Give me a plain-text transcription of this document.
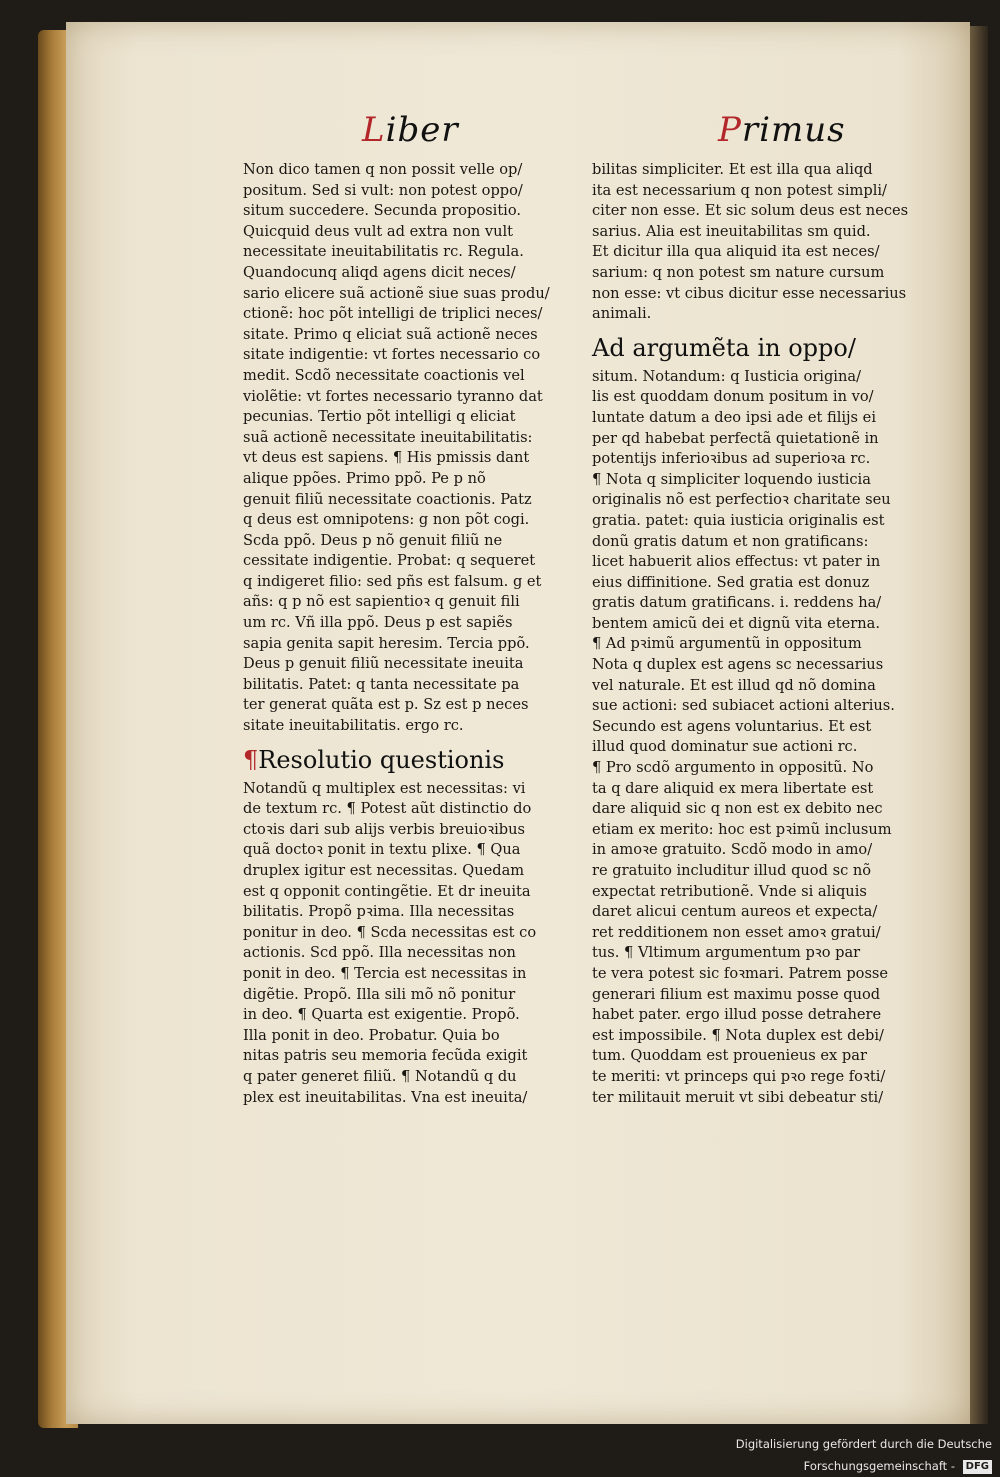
Liber	Primus
Non dico tamen q non possit velle op/
positum. Sed si vult: non potest oppo/
situm succedere. Secunda propositio.
Quicquid deus vult ad extra non vult
necessitate ineuitabilitatis rc. Regula.
Quandocunq aliqd agens dicit neces/
sario elicere suã actionẽ siue suas produ/
ctionẽ: hoc põt intelligi de triplici neces/
sitate. Primo q eliciat suã actionẽ neces
sitate indigentie: vt fortes necessario co
medit. Scdõ necessitate coactionis vel
violẽtie: vt fortes necessario tyranno dat
pecunias. Tertio põt intelligi q eliciat
suã actionẽ necessitate ineuitabilitatis:
vt deus est sapiens. ¶ His pmissis dant
alique ppões. Primo ppõ. Pe p nõ
genuit filiũ necessitate coactionis. Patz
q deus est omnipotens: g non põt cogi.
Scda ppõ. Deus p nõ genuit filiũ ne
cessitate indigentie. Probat: q sequeret
q indigeret filio: sed pñs est falsum. g et
añs: q p nõ est sapientioꝛ q genuit fili
um rc. Vñ illa ppõ. Deus p est sapiẽs
sapia genita sapit heresim. Tercia ppõ.
Deus p genuit filiũ necessitate ineuita
bilitatis. Patet: q tanta necessitate pa
ter generat quãta est p. Sz est p neces
sitate ineuitabilitatis. ergo rc.
¶Resolutio questionis
Notandũ q multiplex est necessitas: vi
de textum rc. ¶ Potest aũt distinctio do
ctoꝛis dari sub alijs verbis breuioꝛibus
quã doctoꝛ ponit in textu plixe. ¶ Qua
druplex igitur est necessitas. Quedam
est q opponit contingẽtie. Et dr ineuita
bilitatis. Propõ pꝛima. Illa necessitas
ponitur in deo. ¶ Scda necessitas est co
actionis. Scd ppõ. Illa necessitas non
ponit in deo. ¶ Tercia est necessitas in
digẽtie. Propõ. Illa sili mõ nõ ponitur
in deo. ¶ Quarta est exigentie. Propõ.
Illa ponit in deo. Probatur. Quia bo
nitas patris seu memoria fecũda exigit
q pater generet filiũ. ¶ Notandũ q du
plex est ineuitabilitas. Vna est ineuita/
bilitas simpliciter. Et est illa qua aliqd
ita est necessarium q non potest simpli/
citer non esse. Et sic solum deus est neces
sarius. Alia est ineuitabilitas sm quid.
Et dicitur illa qua aliquid ita est neces/
sarium: q non potest sm nature cursum
non esse: vt cibus dicitur esse necessarius
animali.
Ad argumẽta in oppo/
situm. Notandum: q Iusticia origina/
lis est quoddam donum positum in vo/
luntate datum a deo ipsi ade et filijs ei
per qd habebat perfectã quietationẽ in
potentijs inferioꝛibus ad superioꝛa rc.
¶ Nota q simpliciter loquendo iusticia
originalis nõ est perfectioꝛ charitate seu
gratia. patet: quia iusticia originalis est
donũ gratis datum et non gratificans:
licet habuerit alios effectus: vt pater in
eius diffinitione. Sed gratia est donuz
gratis datum gratificans. i. reddens ha/
bentem amicũ dei et dignũ vita eterna.
¶ Ad pꝛimũ argumentũ in oppositum
Nota q duplex est agens sc necessarius
vel naturale. Et est illud qd nõ domina
sue actioni: sed subiacet actioni alterius.
Secundo est agens voluntarius. Et est
illud quod dominatur sue actioni rc.
¶ Pro scdõ argumento in oppositũ. No
ta q dare aliquid ex mera libertate est
dare aliquid sic q non est ex debito nec
etiam ex merito: hoc est pꝛimũ inclusum
in amoꝛe gratuito. Scdõ modo in amo/
re gratuito includitur illud quod sc nõ
expectat retributionẽ. Vnde si aliquis
daret alicui centum aureos et expecta/
ret redditionem non esset amoꝛ gratui/
tus. ¶ Vltimum argumentum pꝛo par
te vera potest sic foꝛmari. Patrem posse
generari filium est maximu posse quod
habet pater. ergo illud posse detrahere
est impossibile. ¶ Nota duplex est debi/
tum. Quoddam est prouenieus ex par
te meriti: vt princeps qui pꝛo rege foꝛti/
ter militauit meruit vt sibi debeatur sti/
Digitalisierung gefördert durch die Deutsche Forschungsgemeinschaft - DFG
